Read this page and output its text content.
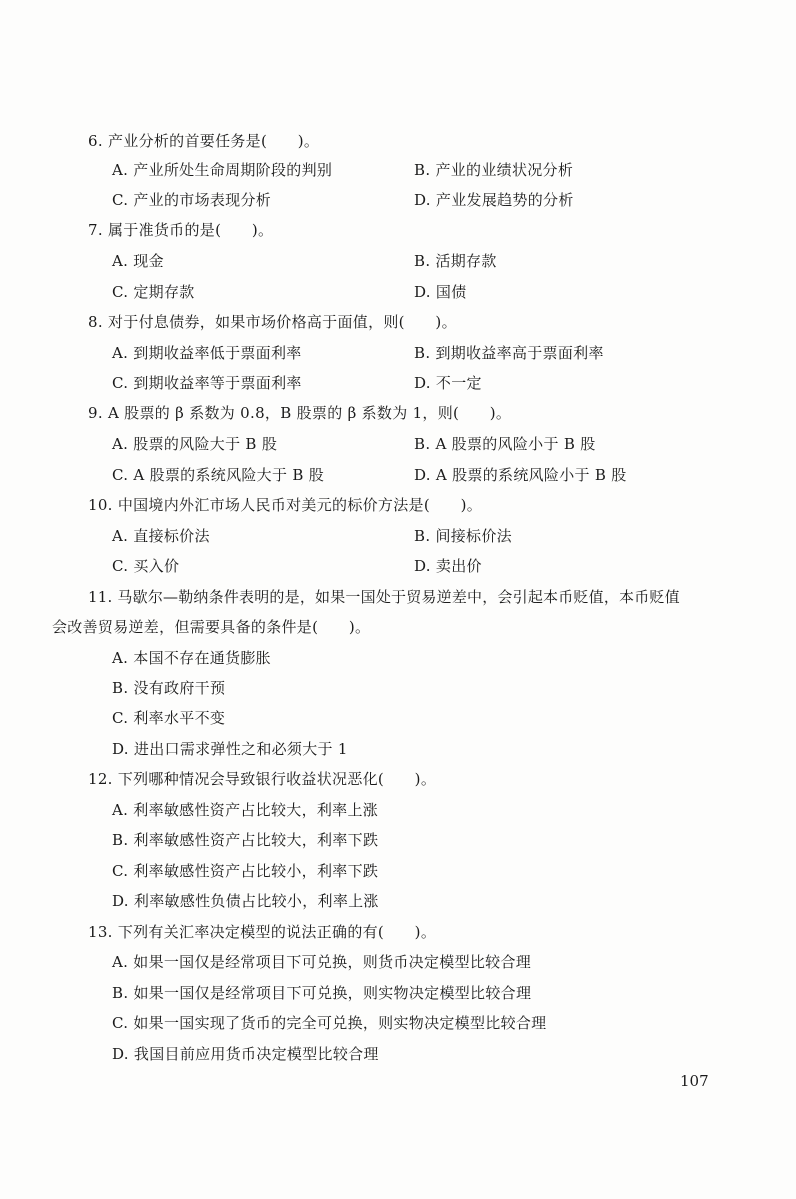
6. 产业分析的首要任务是(　　)。
A. 产业所处生命周期阶段的判别	B. 产业的业绩状况分析
C. 产业的市场表现分析	D. 产业发展趋势的分析
7. 属于准货币的是(　　)。
A. 现金	B. 活期存款
C. 定期存款	D. 国债
8. 对于付息债券，如果市场价格高于面值，则(　　)。
A. 到期收益率低于票面利率	B. 到期收益率高于票面利率
C. 到期收益率等于票面利率	D. 不一定
9. A 股票的 β 系数为 0.8，B 股票的 β 系数为 1，则(　　)。
A. 股票的风险大于 B 股	B. A 股票的风险小于 B 股
C. A 股票的系统风险大于 B 股	D. A 股票的系统风险小于 B 股
10. 中国境内外汇市场人民币对美元的标价方法是(　　)。
A. 直接标价法	B. 间接标价法
C. 买入价	D. 卖出价
11. 马歇尔—勒纳条件表明的是，如果一国处于贸易逆差中，会引起本币贬值，本币贬值
会改善贸易逆差，但需要具备的条件是(　　)。
A. 本国不存在通货膨胀
B. 没有政府干预
C. 利率水平不变
D. 进出口需求弹性之和必须大于 1
12. 下列哪种情况会导致银行收益状况恶化(　　)。
A. 利率敏感性资产占比较大，利率上涨
B. 利率敏感性资产占比较大，利率下跌
C. 利率敏感性资产占比较小，利率下跌
D. 利率敏感性负债占比较小，利率上涨
13. 下列有关汇率决定模型的说法正确的有(　　)。
A. 如果一国仅是经常项目下可兑换，则货币决定模型比较合理
B. 如果一国仅是经常项目下可兑换，则实物决定模型比较合理
C. 如果一国实现了货币的完全可兑换，则实物决定模型比较合理
D. 我国目前应用货币决定模型比较合理
107
